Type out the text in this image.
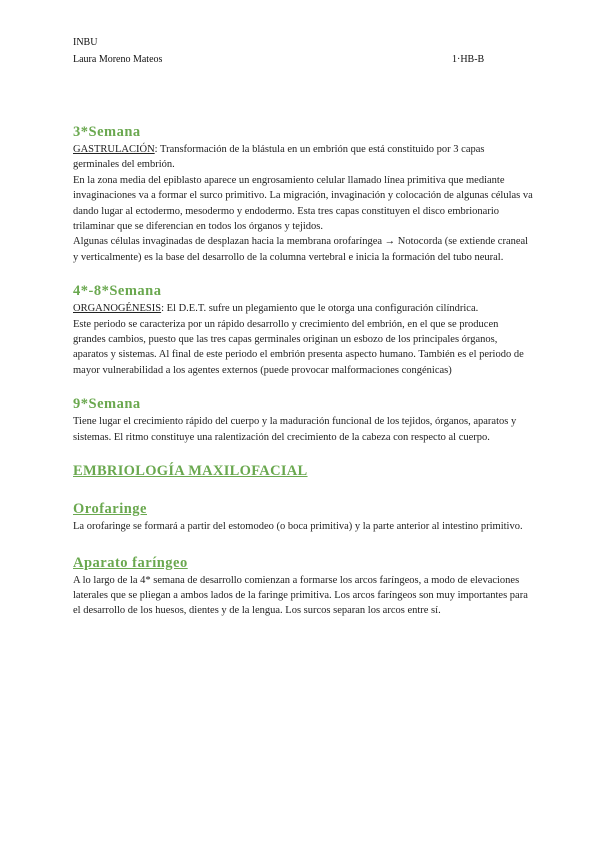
INBU
Laura Moreno Mateos	1·HB-B
3*Semana

GASTRULACIÓN: Transformación de la blástula en un embrión que está constituido por 3 capas germinales del embrión.

En la zona media del epiblasto aparece un engrosamiento celular llamado línea primitiva que mediante invaginaciones va a formar el surco primitivo. La migración, invaginación y colocación de algunas células va dando lugar al ectodermo, mesodermo y endodermo. Esta tres capas constituyen el disco embrionario trilaminar que se diferencian en todos los órganos y tejidos.

Algunas células invaginadas de desplazan hacia la membrana orofaríngea → Notocorda (se extiende craneal y verticalmente) es la base del desarrollo de la columna vertebral e inicia la formación del tubo neural.

4*-8*Semana

ORGANOGÉNESIS: El D.E.T. sufre un plegamiento que le otorga una configuración cilíndrica.

Este periodo se caracteriza por un rápido desarrollo y crecimiento del embrión, en el que se producen grandes cambios, puesto que las tres capas germinales originan un esbozo de los principales órganos, aparatos y sistemas. Al final de este periodo el embrión presenta aspecto humano. También es el periodo de mayor vulnerabilidad a los agentes externos (puede provocar malformaciones congénicas)

9*Semana

Tiene lugar el crecimiento rápido del cuerpo y la maduración funcional de los tejidos, órganos, aparatos y sistemas. El ritmo constituye una ralentización del crecimiento de la cabeza con respecto al cuerpo.

EMBRIOLOGÍA MAXILOFACIAL
Orofaringe

La orofaringe se formará a partir del estomodeo (o boca primitiva) y la parte anterior al intestino primitivo.

Aparato faríngeo

A lo largo de la 4* semana de desarrollo comienzan a formarse los arcos faríngeos, a modo de elevaciones laterales que se pliegan a ambos lados de la faringe primitiva. Los arcos faríngeos son muy importantes para el desarrollo de los huesos, dientes y de la lengua. Los surcos separan los arcos entre sí.
